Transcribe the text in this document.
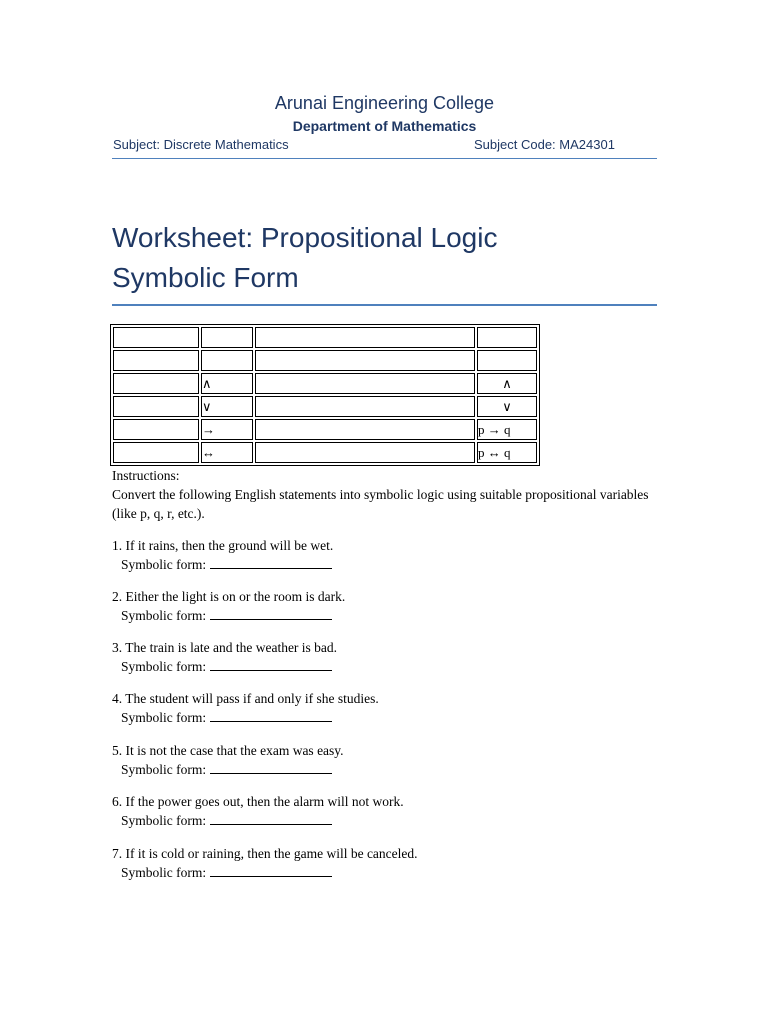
Arunai Engineering College
Department of Mathematics
Subject: Discrete Mathematics	Subject Code: MA24301
Worksheet: Propositional Logic
Symbolic Form

	∧		∧
	∨		∨
	→		p → q
	↔		p ↔ q
Instructions:
Convert the following English statements into symbolic logic using suitable propositional variables (like p, q, r, etc.).
1. If it rains, then the ground will be wet.
Symbolic form:
2. Either the light is on or the room is dark.
Symbolic form:
3. The train is late and the weather is bad.
Symbolic form:
4. The student will pass if and only if she studies.
Symbolic form:
5. It is not the case that the exam was easy.
Symbolic form:
6. If the power goes out, then the alarm will not work.
Symbolic form:
7. If it is cold or raining, then the game will be canceled.
Symbolic form:
